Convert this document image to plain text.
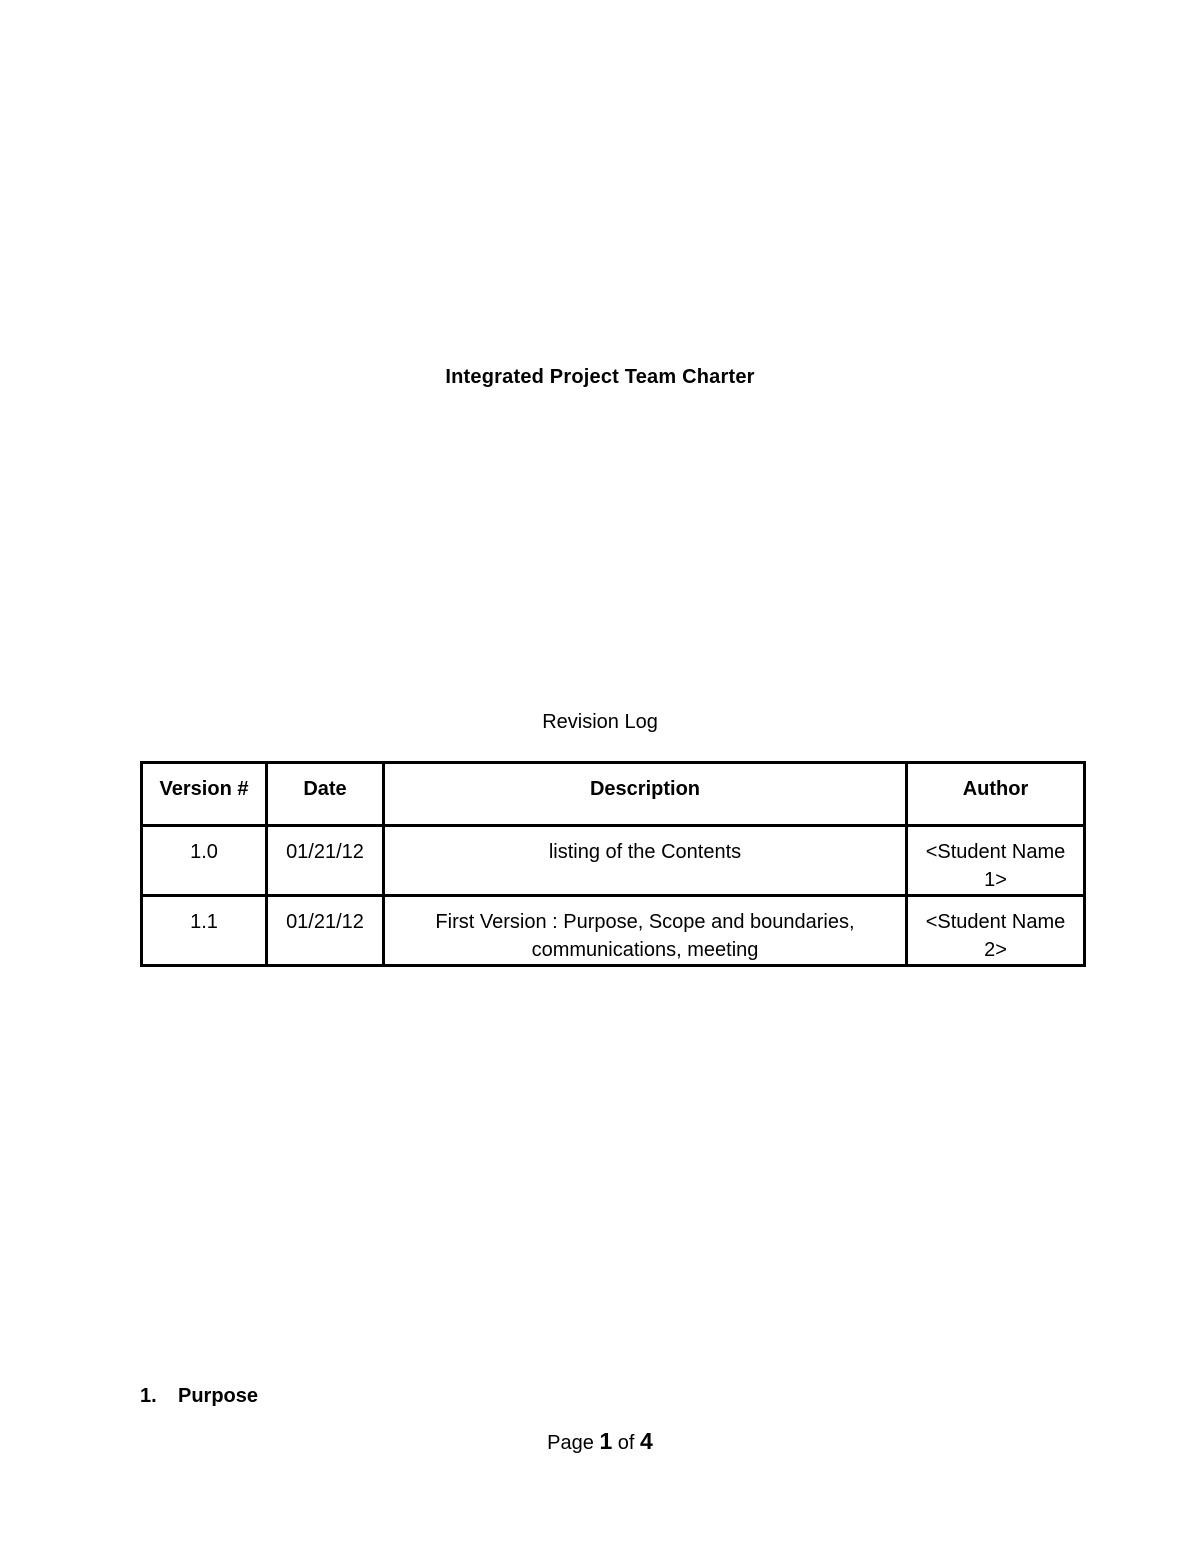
Integrated Project Team Charter
Revision Log
Version #	Date	Description	Author
1.0	01/21/12	listing of the Contents	<Student Name 1>
1.1	01/21/12	First Version : Purpose, Scope and boundaries, communications, meeting	<Student Name 2>
1. Purpose
Page 1 of 4
